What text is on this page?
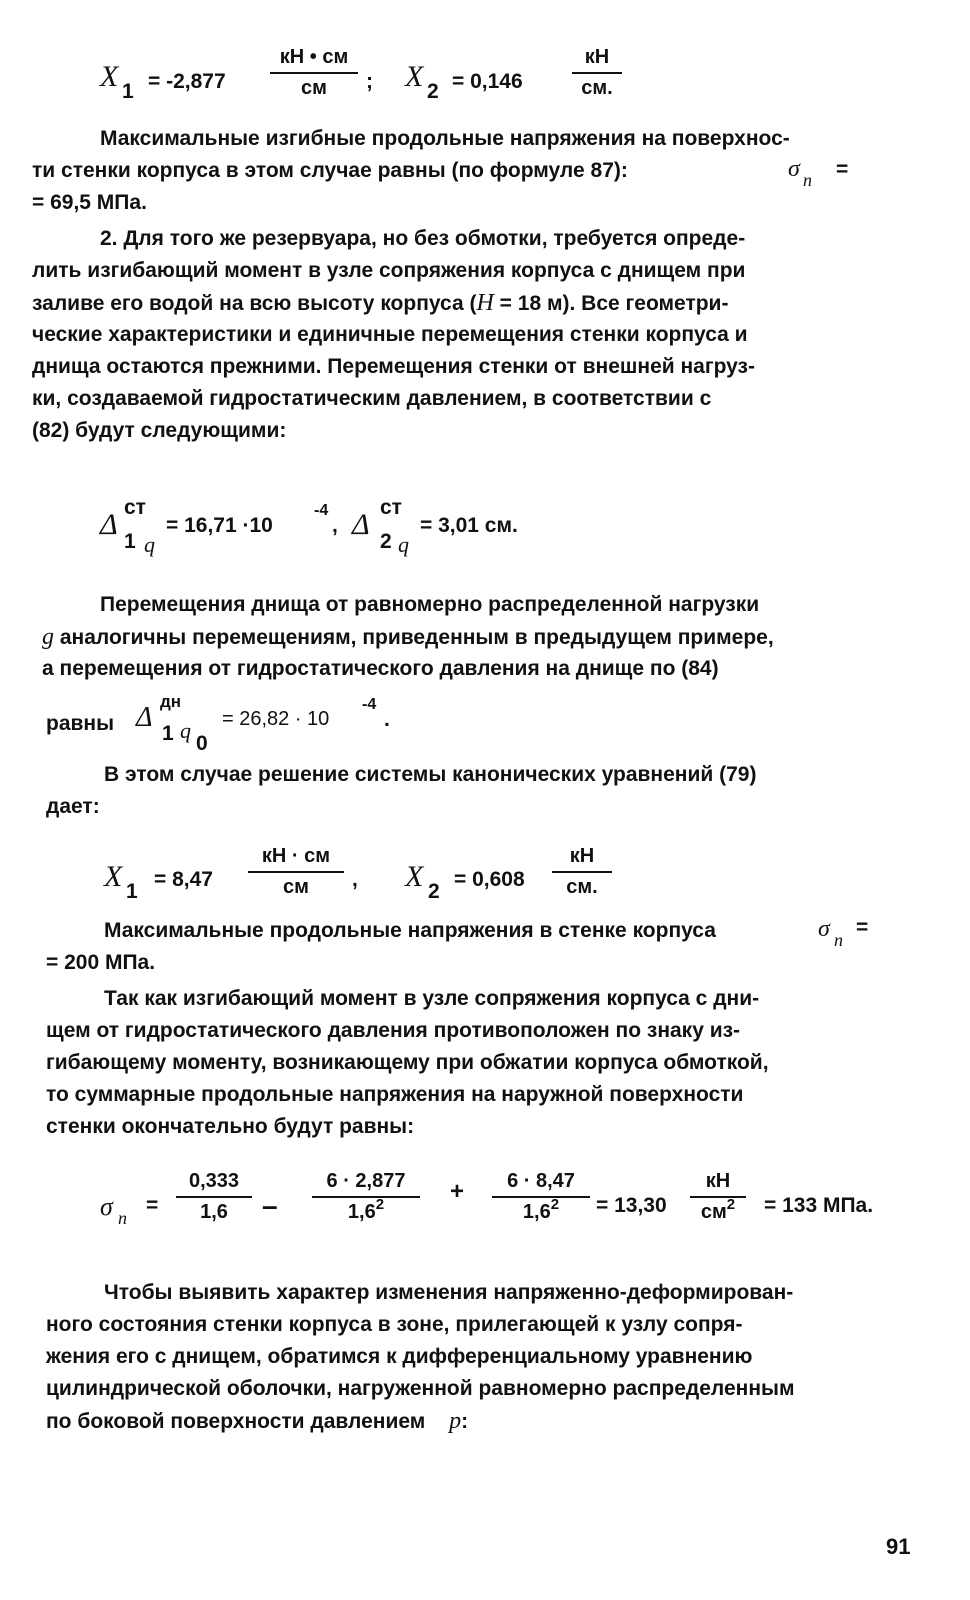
X 1 = -2,877
кН • см
см	; X 2 = 0,146
кН
см.
Максимальные изгибные продольные напряжения на поверхнос-
ти стенки корпуса в этом случае равны (по формуле 87):	σ n =
= 69,5 МПа.
2. Для того же резервуара, но без обмотки, требуется опреде-
лить изгибающий момент в узле сопряжения корпуса с днищем при
заливе его водой на всю высоту корпуса (H = 18 м). Все геометри-
ческие характеристики и единичные перемещения стенки корпуса и
днища остаются прежними. Перемещения стенки от внешней нагруз-
ки, создаваемой гидростатическим давлением, в соответствии с
(82) будут следующими:
Δ
ст
1 q
= 16,71 ·10
-4
, Δ
ст
2 q
= 3,01 см.
Перемещения днища от равномерно распределенной нагрузки
g аналогичны перемещениям, приведенным в предыдущем примере,
а перемещения от гидростатического давления на днище по (84)
равны Δ
дн
1 q
0
= 26,82 · 10
-4
.
В этом случае решение системы канонических уравнений (79)
дает:
X 1
= 8,47
кН · см
см	, X 2
= 0,608
кН
см.
Максимальные продольные напряжения в стенке корпуса	σ n
=
= 200 МПа.
Так как изгибающий момент в узле сопряжения корпуса с дни-
щем от гидростатического давления противоположен по знаку из-
гибающему моменту, возникающему при обжатии корпуса обмоткой,
то суммарные продольные напряжения на наружной поверхности
стенки окончательно будут равны:
σ n
= $\frac{0,333}{1,6} - \frac{6 \cdot 2,877}{1,6^2} + \frac{6 \cdot 8,47}{1,6^2} = 13,30$
кН
$см^2$	= 133 МПа.
Чтобы выявить характер изменения напряженно-деформирован-
ного состояния стенки корпуса в зоне, прилегающей к узлу сопря-
жения его с днищем, обратимся к дифференциальному уравнению
цилиндрической оболочки, нагруженной равномерно распределенным
по боковой поверхности давлением p:
91
